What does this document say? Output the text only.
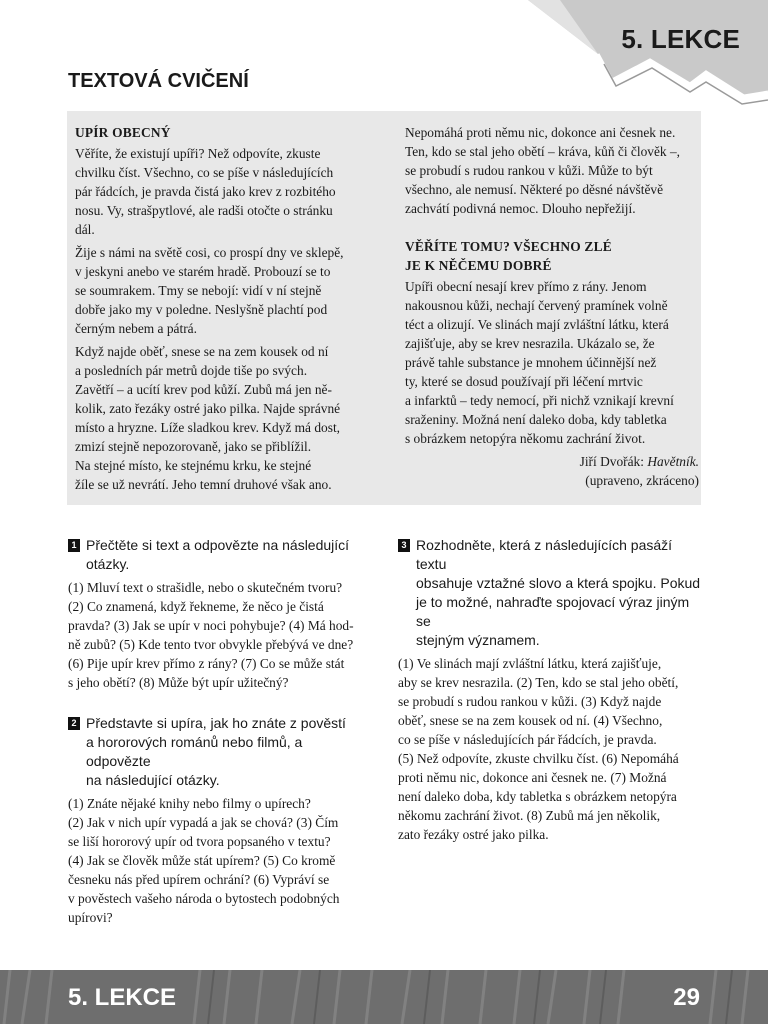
5. LEKCE
TEXTOVÁ CVIČENÍ
UPÍR OBECNÝ

Věříte, že existují upíři? Než odpovíte, zkuste
chvilku číst. Všechno, co se píše v následujících
pár řádcích, je pravda čistá jako krev z rozbitého
nosu. Vy, strašpytlové, ale radši otočte o stránku
dál.

Žije s námi na světě cosi, co prospí dny ve sklepě,
v jeskyni anebo ve starém hradě. Probouzí se to
se soumrakem. Tmy se nebojí: vidí v ní stejně
dobře jako my v poledne. Neslyšně plachtí pod
černým nebem a pátrá.

Když najde oběť, snese se na zem kousek od ní
a posledních pár metrů dojde tiše po svých.
Zavětří – a ucítí krev pod kůží. Zubů má jen ně-
kolik, zato řezáky ostré jako pilka. Najde správné
místo a hryzne. Líže sladkou krev. Když má dost,
zmizí stejně nepozorovaně, jako se přiblížil.
Na stejné místo, ke stejnému krku, ke stejné
žíle se už nevrátí. Jeho temní druhové však ano.

Nepomáhá proti němu nic, dokonce ani česnek ne.
Ten, kdo se stal jeho obětí – kráva, kůň či člověk –,
se probudí s rudou rankou v kůži. Může to být
všechno, ale nemusí. Některé po děsné návštěvě
zachvátí podivná nemoc. Dlouho nepřežijí.

VĚŘÍTE TOMU? VŠECHNO ZLÉ
JE K NĚČEMU DOBRÉ

Upíři obecní nesají krev přímo z rány. Jenom
nakousnou kůži, nechají červený pramínek volně
téct a olizují. Ve slinách mají zvláštní látku, která
zajišťuje, aby se krev nesrazila. Ukázalo se, že
právě tahle substance je mnohem účinnější než
ty, které se dosud používají při léčení mrtvic
a infarktů – tedy nemocí, při nichž vznikají krevní
sraženiny. Možná není daleko doba, kdy tabletka
s obrázkem netopýra někomu zachrání život.

Jiří Dvořák: Havětník.
(upraveno, zkráceno)
1 Přečtěte si text a odpovězte na následující
otázky.
(1) Mluví text o strašidle, nebo o skutečném tvoru?
(2) Co znamená, když řekneme, že něco je čistá
pravda? (3) Jak se upír v noci pohybuje? (4) Má hod-
ně zubů? (5) Kde tento tvor obvykle přebývá ve dne?
(6) Pije upír krev přímo z rány? (7) Co se může stát
s jeho obětí? (8) Může být upír užitečný?
2 Představte si upíra, jak ho znáte z pověstí
a hororových románů nebo filmů, a odpovězte
na následující otázky.
(1) Znáte nějaké knihy nebo filmy o upírech?
(2) Jak v nich upír vypadá a jak se chová? (3) Čím
se liší hororový upír od tvora popsaného v textu?
(4) Jak se člověk může stát upírem? (5) Co kromě
česneku nás před upírem ochrání? (6) Vypráví se
v pověstech vašeho národa o bytostech podobných
upírovi?
3 Rozhodněte, která z následujících pasáží textu
obsahuje vztažné slovo a která spojku. Pokud
je to možné, nahraďte spojovací výraz jiným se
stejným významem.
(1) Ve slinách mají zvláštní látku, která zajišťuje,
aby se krev nesrazila. (2) Ten, kdo se stal jeho obětí,
se probudí s rudou rankou v kůži. (3) Když najde
oběť, snese se na zem kousek od ní. (4) Všechno,
co se píše v následujících pár řádcích, je pravda.
(5) Než odpovíte, zkuste chvilku číst. (6) Nepomáhá
proti němu nic, dokonce ani česnek ne. (7) Možná
není daleko doba, kdy tabletka s obrázkem netopýra
někomu zachrání život. (8) Zubů má jen několik,
zato řezáky ostré jako pilka.
5. LEKCE	29
